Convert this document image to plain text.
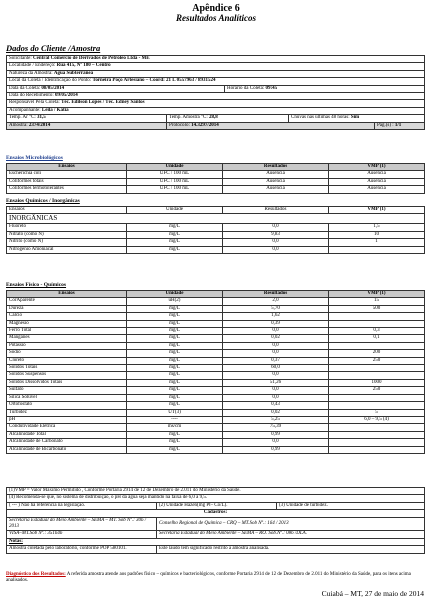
Apêndice 6
Resultados Analíticos
Dados do Cliente /Amostra
Solicitante: Central Comércio de Derivados de Petróleo Ltda - ME				
Localidade / Endereço: Rua 415, Nº 180 – Centro				
Natureza da Amostra: Água Subterrânea				
Local da Coleta / Identificação do Ponto: Torneira Poço Artesiano – Coord: 21 L 0557963 / 8931524				
Data da Coleta: 08/05/2014		Horário da Coleta: 09:45		
Data do Recebimento: 09/05/2014				
Responsável Pela Coleta: Téc. Edilson Lopes / Téc. Edney Santos				
Acompanhante: Leila / Katia				
Temp. Ar °C: 31,5	Temp. Amostra °C: 28,8		Chuvas nas últimas 48 horas: Sim	
Amostra: 2374/2014	Protocolo: 14.3297/2014			Pág.(s) : 1/1
Ensaios Microbiológicos
Ensaios	Unidade	Resultados	VMP (1)
Escherichia coli	UFC / 100 mL	Ausência	Ausência
Coliformes totais	UFC / 100 mL	Ausência	Ausência
Coliformes termotolerantes	UFC / 100 mL	Ausência	Ausência
Ensaios Químicos / Inorgânicas
Ensaios	Unidade	Resultados	VMP (1)
INORGÂNICAS			
Fluoreto	mg/L	0,0	1,5
Nitrato (como N)	mg/L	9,83	10
Nitrito (como N)	mg/L	0,0	1
Nitrogênio Amoniacal	mg/L	0,0	
Ensaios Físico - Químicos
Ensaios	Unidade	Resultados	VMP (1)
CorAparente	uH(2)	2,0	15
Dureza	mg/L	5,70	500
Cálcio	mg/L	1,62	
Magnésio	mg/L	0,39	
Ferro Total	mg/L	0,0	0,3
Manganês	mg/L	0,02	0,1
Potássio	mg/L	0,0	
Sódio	mg/L	0,0	200
Cloreto	mg/L	0,37	250
Sólidos Totais	mg/L	60,0	
Sólidos Suspensos	mg/L	0,0	
Sólidos Dissolvidos Totais	mg/L	51,26	1000
Sulfato	mg/L	0,0	250
Sílica Solúvel	mg/L	0,0	
Ortofosfato	mg/L	0,43	
Turbidez	UT(3)	0,02	5
pH	----	5,25	6,0 – 9,5 (4)
Condutividade Elétrica	ms/cm	75,39	
Alcalinidade Total	mg/L	0,99	
Alcalinidade de Carbonato	mg/L	0,0	
Alcalinidade de Bicarbonato	mg/L	0,99	
(1)VMP = Valor Máximo Permitido , Conforme Portaria 2914 de 12 de Dezembro de 2.011 do Ministério da Saúde.		
(4) Recomenda-se que, no sistema de distribuição, o pH da água seja mantido na faixa de 6,0 a 9,5.		
( --- ) Não há referência na legislação.	(2) Unidade Hazen(mg Pt– Co/L).	(3) Unidade de turbidez.
Cadastros:		
Secretaria Estadual do Meio Ambiente – SEMA – MT. Sob Nº.: 306 / 2013	Conselho Regional de Química – CRQ – MT.Sob Nº.: 164 / 2013	
VISA–MT.Sob Nº.: 351646	Secretaria Estadual do Meio Ambiente – SEMA – RO. Sob.Nº.: 086 /DLA.	
Notas:		
Amostra coletada pelo laboratório, conforme POP 580101.	Este laudo tem significado restrito a amostra analisada.	
Diagnóstico dos Resultados: A referida amostra atende aos padrões físico – químicos e bacteriológicos, conforme Portaria 2914 de 12 de Dezembro de 2.011 do Ministério da Saúde, para os itens acima analisados.
Cuiabá – MT, 27 de maio de 2014
